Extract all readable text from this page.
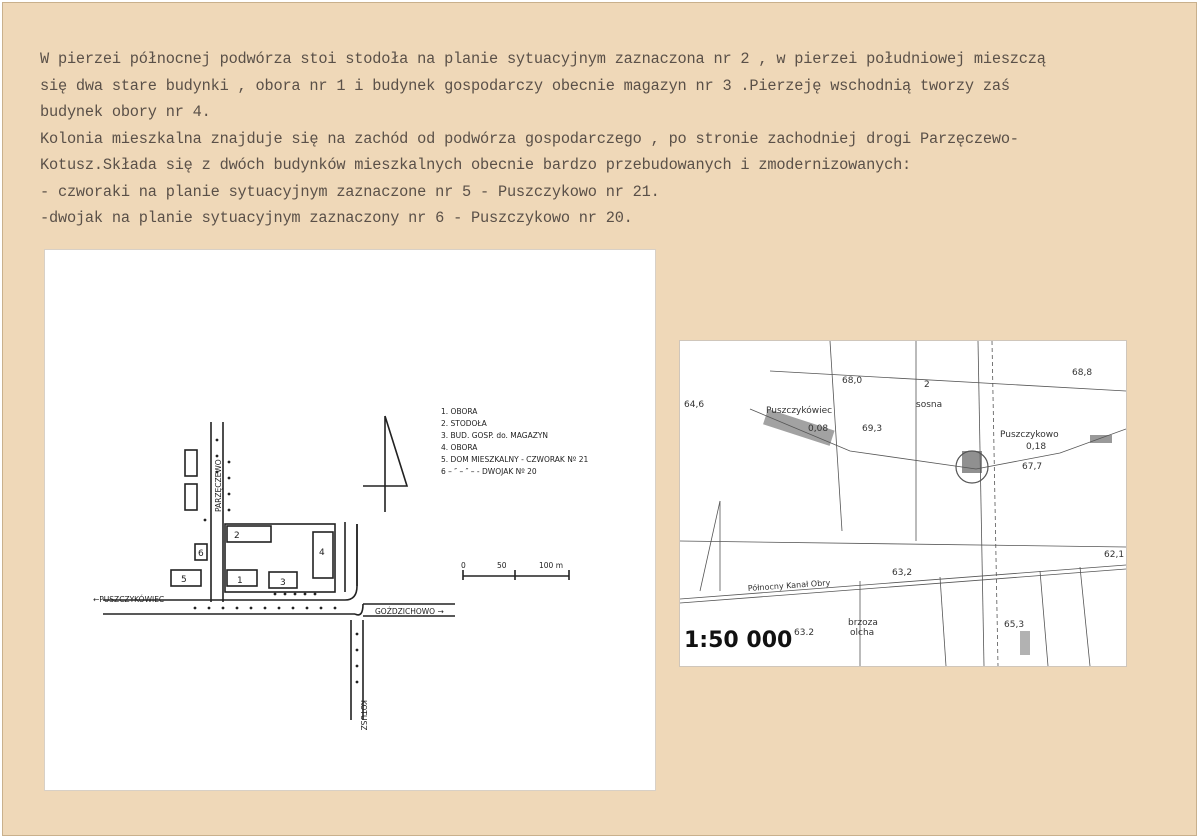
W pierzei północnej podwórza stoi stodoła na planie sytuacyjnym zaznaczona nr 2 , w pierzei południowej mieszczą
się dwa stare budynki , obora nr 1 i budynek gospodarczy obecnie magazyn nr 3 .Pierzeję wschodnią tworzy zaś
budynek obory nr 4.
Kolonia mieszkalna znajduje się na zachód od podwórza gospodarczego , po stronie zachodniej drogi Parzęczewo-
Kotusz.Składa się z dwóch budynków mieszkalnych obecnie bardzo przebudowanych i zmodernizowanych:
- czworaki na planie sytuacyjnym zaznaczone nr 5 - Puszczykowo nr 21.
-dwojak na planie sytuacyjnym zaznaczony nr 6 - Puszczykowo nr 20.
2
1	3
4
5
6
1. OBORA
2. STODOŁA
3. BUD. GOSP. do. MAGAZYN
4. OBORA
5. DOM MIESZKALNY - CZWORAK Nº 21
6 – ″ – ″ – - DWOJAK Nº 20
←PUSZCZYKÓWIEC
GOŹDZICHOWO →
PARZĘCZEWO
KOTUSZ
0	50	100 m
Puszczykówiec
Puszczykowo
64,6
68,0
68,8
0,08	69,3
0,18
67,7
62,1
63,2
63.2
65,3
2
sosna
brzoza
olcha
Północny Kanał Obry
1:50 000
